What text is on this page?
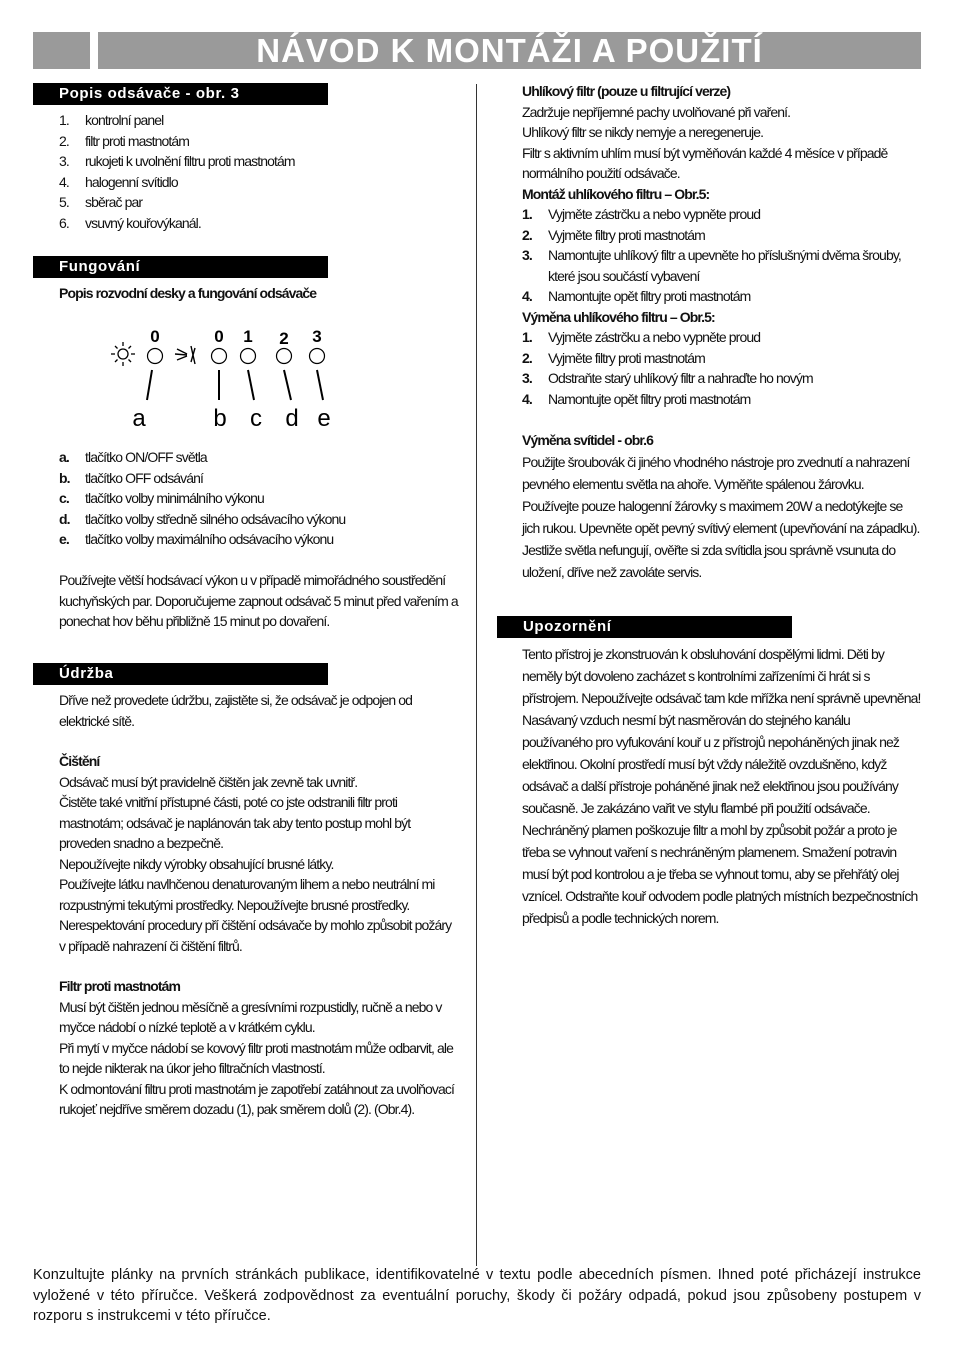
NÁVOD K MONTÁŽI A POUŽITÍ
Popis odsávače - obr. 3
1. kontrolní panel
2. filtr proti mastnotám
3. rukojeti k uvolnění filtru proti mastnotám
4. halogenní svítidlo
5. sběrač par
6. vsuvný kouřovýkanál.
Fungování
Popis rozvodní desky a fungování odsávače
0	0 1 2 3
a	b c d e
a. tlačítko ON/OFF světla
b. tlačítko OFF odsávání
c. tlačítko volby minimálního výkonu
d. tlačítko volby středně silného odsávacího výkonu
e. tlačítko volby maximálního odsávacího výkonu

Používejte větší hodsávací výkon u v případě mimořádného soustředění kuchyňských par. Doporučujeme zapnout odsávač 5 minut před vařením a ponechat hov běhu přibližně 15 minut po dovaření.

Údržba

Dříve než provedete údržbu, zajistěte si, že odsávač je odpojen od elektrické sítě.

Čištění

Odsávač musí být pravidelně čištěn jak zevně tak uvnitř.

Čistěte také vnitřní přístupné části, poté co jste odstranili filtr proti mastnotám; odsávač je naplánován tak aby tento postup mohl být proveden snadno a bezpečně.

Nepoužívejte nikdy výrobky obsahující brusné látky.

Používejte látku navlhčenou denaturovaným lihem a nebo neutrální mi rozpustnými tekutými prostředky. Nepoužívejte brusné prostředky.

Nerespektování procedury pří čištění odsávače by mohlo způsobit požáry v případě nahrazení či čištění filtrů.

Filtr proti mastnotám

Musí být čištěn jednou měsíčně a gresívními rozpustidly, ručně a nebo v myčce nádobí o nízké teplotě a v krátkém cyklu.

Při mytí v myčce nádobí se kovový filtr proti mastnotám může odbarvit, ale to nejde nikterak na úkor jeho filtračních vlastností.

K odmontování filtru proti mastnotám je zapotřebí zatáhnout za uvolňovací rukojeť nejdříve směrem dozadu (1), pak směrem dolů (2). (Obr.4).

Uhlíkový filtr (pouze u filtrující verze)

Zadržuje nepříjemné pachy uvolňované při vaření.

Uhlíkový filtr se nikdy nemyje a neregeneruje.

Filtr s aktivním uhlím musí být vyměňován každé 4 měsíce v případě normálního použití odsávače.

Montáž uhlíkového filtru – Obr.5:

1. Vyjměte zástrčku a nebo vypněte proud
2. Vyjměte filtry proti mastnotám
3. Namontujte uhlíkový filtr a upevněte ho příslušnými dvěma šrouby, které jsou součástí vybavení
4. Namontujte opět filtry proti mastnotám

Výměna uhlíkového filtru – Obr.5:

1. Vyjměte zástrčku a nebo vypněte proud
2. Vyjměte filtry proti mastnotám
3. Odstraňte starý uhlíkový filtr a nahraďte ho novým
4. Namontujte opět filtry proti mastnotám

Výměna svítidel - obr.6

Použijte šroubovák či jiného vhodného nástroje pro zvednutí a nahrazení pevného elementu světla na ahoře. Vyměňte spálenou žárovku. Používejte pouze halogenní žárovky s maximem 20W a nedotýkejte se jich rukou. Upevněte opět pevný svítivý element (upevňování na západku). Jestliže světla nefungují, ověřte si zda svítidla jsou správně vsunuta do uložení, dříve než zavoláte servis.

Upozornění

Tento přístroj je zkonstruován k obsluhování dospělými lidmi. Děti by neměly být dovoleno zacházet s kontrolními zařízeními či hrát si s přístrojem. Nepoužívejte odsávač tam kde mřížka není správně upevněna! Nasávaný vzduch nesmí být nasměrován do stejného kanálu používaného pro vyfukování kouř u z přístrojů nepoháněných jinak než elektřinou. Okolní prostředí musí být vždy náležitě ovzdušněno, když odsávač a další přístroje poháněné jinak než elektřinou jsou používány současně. Je zakázáno vařit ve stylu flambé při použití odsávače. Nechráněný plamen poškozuje filtr a mohl by způsobit požár a proto je třeba se vyhnout vaření s nechráněným plamenem. Smažení potravin musí být pod kontrolou a je třeba se vyhnout tomu, aby se přehřátý olej vznícel. Odstraňte kouř odvodem podle platných místních bezpečnostních předpisů a podle technických norem.

Konzultujte plánky na prvních stránkách publikace, identifikovatelné v textu podle abecedních písmen. Ihned poté přicházejí instrukce vyložené v této příručce. Veškerá zodpovědnost za eventuální poruchy, škody či požáry odpadá, pokud jsou způsobeny postupem v rozporu s instrukcemi v této příručce.
